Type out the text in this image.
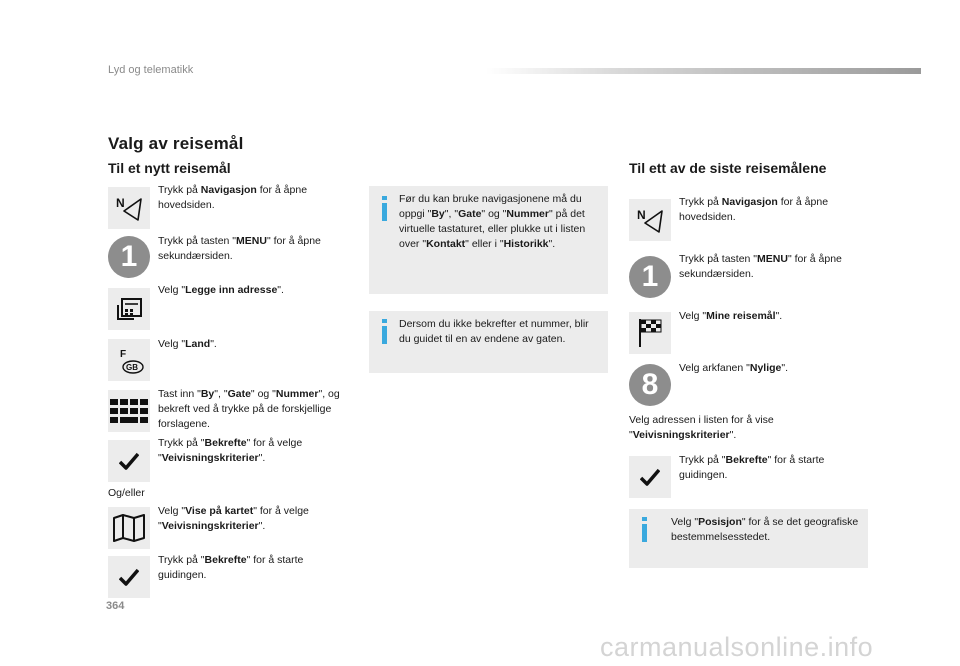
Lyd og telematikk
Valg av reisemål
Til et nytt reisemål
N
Trykk på Navigasjon for å åpne hovedsiden.
1	Trykk på tasten "MENU" for å åpne sekundærsiden.
Velg "Legge inn adresse".
F
GB
Velg "Land".
Tast inn "By", "Gate" og "Nummer", og bekreft ved å trykke på de forskjellige forslagene.
Trykk på "Bekrefte" for å velge "Veivisningskriterier".
Og/eller
Velg "Vise på kartet" for å velge "Veivisningskriterier".
Trykk på "Bekrefte" for å starte guidingen.
Før du kan bruke navigasjonene må du oppgi "By", "Gate" og "Nummer" på det virtuelle tastaturet, eller plukke ut i listen over "Kontakt" eller i "Historikk".
Dersom du ikke bekrefter et nummer, blir du guidet til en av endene av gaten.
Til ett av de siste reisemålene
N
Trykk på Navigasjon for å åpne hovedsiden.
1
Trykk på tasten "MENU" for å åpne sekundærsiden.
Velg "Mine reisemål".
8	Velg arkfanen "Nylige".
Velg adressen i listen for å vise "Veivisningskriterier".
Trykk på "Bekrefte" for å starte guidingen.
Velg "Posisjon" for å se det geografiske bestemmelsesstedet.
364
carmanualsonline.info
